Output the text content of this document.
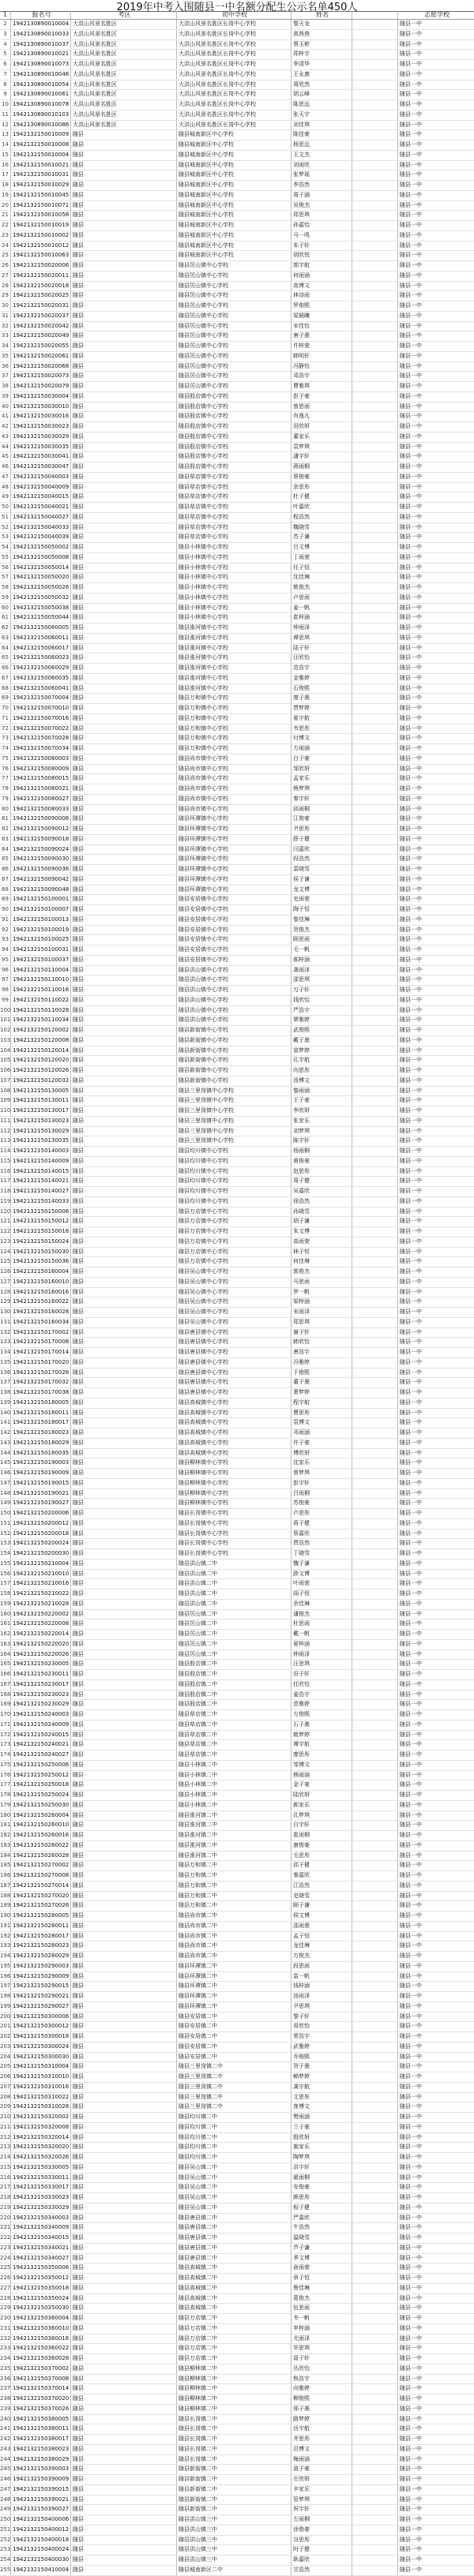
2019年中考入围随县一中名额分配生公示名单450人
1	报名号	考区	初中学校	姓名	志愿学校
2	1942130890010004 大洪山风景名胜区	大洪山风景名胜区长岗中心学校	黎天龙	随县一中
3	1942130890010033 大洪山风景名胜区	大洪山风景名胜区长岗中心学校	高茜茜	随县一中
4	1942130890010037 大洪山风景名胜区	大洪山风景名胜区长岗中心学校	蔡玉彬	随县一中
5	1942130890010021 大洪山风景名胜区	大洪山风景名胜区长岗中心学校	郑梓宇	随县一中
6	1942130890010073 大洪山风景名胜区	大洪山风景名胜区长岗中心学校	李清华	随县一中
7	1942130890010046 大洪山风景名胜区	大洪山风景名胜区长岗中心学校	王永康	随县一中
8	1942130890010054 大洪山风景名胜区	大洪山风景名胜区长岗中心学校	周欣然	随县一中
9	1942130890010061 大洪山风景名胜区	大洪山风景名胜区长岗中心学校	胡云峰	随县一中
10 1942130890010078 大洪山风景名胜区	大洪山风景名胜区长岗中心学校	陈思远	随县一中
11 1942130890010103 大洪山风景名胜区	大洪山风景名胜区长岗中心学校	张天宇	随县一中
12 1942130890010086 大洪山风景名胜区	大洪山风景名胜区长岗中心学校	刘佳琪	随县一中
13 1942132150010009 随县	随县城南新区中心学校	陈佳豪	随县一中
14 1942132150010008 随县	随县城南新区中心学校	杨思远	随县一中
15 1942132150010004 随县	随县城南新区中心学校	王文杰	随县一中
16 1942132150010021 随县	随县城南新区中心学校	刘雨欣	随县一中
17 1942132150010031 随县	随县城南新区中心学校	张梦瑶	随县一中
18 1942132150010029 随县	随县城南新区中心学校	李浩然	随县一中
19 1942132150010045 随县	随县城南新区中心学校	周子涵	随县一中
20 1942132150010071 随县	随县城南新区中心学校	吴俊杰	随县一中
21 1942132150010058 随县	随县城南新区中心学校	郑思琪	随县一中
22 1942132150010019 随县	随县城南新区中心学校	孙嘉怡	随县一中
23 1942132150010002 随县	随县城南新区中心学校	马一鸣	随县一中
24 1942132150010012 随县	随县城南新区中心学校	朱子轩	随县一中
25 1942132150010063 随县	随县城南新区中心学校	胡欣悦	随县一中
26 1942132150020006 随县	随县厉山镇中心学校	郭宇航	随县一中
27 1942132150020011 随县	随县厉山镇中心学校	何雨涵	随县一中
28 1942132150020018 随县	随县厉山镇中心学校	高博文	随县一中
29 1942132150020025 随县	随县厉山镇中心学校	林诗雨	随县一中
30 1942132150020031 随县	随县厉山镇中心学校	罗俊熙	随县一中
31 1942132150020037 随县	随县厉山镇中心学校	梁晨曦	随县一中
32 1942132150020042 随县	随县厉山镇中心学校	宋佳怡	随县一中
33 1942132150020049 随县	随县厉山镇中心学校	唐子墨	随县一中
34 1942132150020055 随县	随县厉山镇中心学校	许梓萱	随县一中
35 1942132150020061 随县	随县厉山镇中心学校	韩明轩	随县一中
36 1942132150020068 随县	随县厉山镇中心学校	冯静怡	随县一中
37 1942132150020073 随县	随县厉山镇中心学校	邓浩宇	随县一中
38 1942132150020079 随县	随县厉山镇中心学校	曹雅琪	随县一中
39 1942132150030004 随县	随县殷店镇中心学校	彭子豪	随县一中
40 1942132150030010 随县	随县殷店镇中心学校	曾思雨	随县一中
41 1942132150030016 随县	随县殷店镇中心学校	肖逸凡	随县一中
42 1942132150030023 随县	随县殷店镇中心学校	田欣妍	随县一中
43 1942132150030029 随县	随县殷店镇中心学校	董家乐	随县一中
44 1942132150030035 随县	随县殷店镇中心学校	袁梦琪	随县一中
45 1942132150030041 随县	随县殷店镇中心学校	潘宇轩	随县一中
46 1942132150030047 随县	随县殷店镇中心学校	蒋雨桐	随县一中
47 1942132150040003 随县	随县草店镇中心学校	蔡俊豪	随县一中
48 1942132150040009 随县	随县草店镇中心学校	余思彤	随县一中
49 1942132150040015 随县	随县草店镇中心学校	杜子健	随县一中
50 1942132150040021 随县	随县草店镇中心学校	叶嘉欣	随县一中
51 1942132150040027 随县	随县草店镇中心学校	程浩然	随县一中
52 1942132150040033 随县	随县草店镇中心学校	魏晓雪	随县一中
53 1942132150040039 随县	随县草店镇中心学校	苏子谦	随县一中
54 1942132150050002 随县	随县小林镇中心学校	吕文博	随县一中
55 1942132150050008 随县	随县小林镇中心学校	丁雨萱	随县一中
56 1942132150050014 随县	随县小林镇中心学校	任子恒	随县一中
57 1942132150050020 随县	随县小林镇中心学校	沈佳琳	随县一中
58 1942132150050026 随县	随县小林镇中心学校	姚俊杰	随县一中
59 1942132150050032 随县	随县小林镇中心学校	卢思雨	随县一中
60 1942132150050038 随县	随县小林镇中心学校	姜一帆	随县一中
61 1942132150050044 随县	随县小林镇中心学校	崔梓涵	随县一中
62 1942132150060005 随县	随县淮河镇中心学校	钟雨泽	随县一中
63 1942132150060011 随县	随县淮河镇中心学校	谭思琪	随县一中
64 1942132150060017 随县	随县淮河镇中心学校	陆子轩	随县一中
65 1942132150060023 随县	随县淮河镇中心学校	汪欣怡	随县一中
66 1942132150060029 随县	随县淮河镇中心学校	范浩宇	随县一中
67 1942132150060035 随县	随县淮河镇中心学校	金雅婷	随县一中
68 1942132150060041 随县	随县淮河镇中心学校	石俊熙	随县一中
69 1942132150070004 随县	随县万和镇中心学校	廖子墨	随县一中
70 1942132150070010 随县	随县万和镇中心学校	贾梦婷	随县一中
71 1942132150070016 随县	随县万和镇中心学校	夏宇航	随县一中
72 1942132150070022 随县	随县万和镇中心学校	韦思彤	随县一中
73 1942132150070028 随县	随县万和镇中心学校	付博文	随县一中
74 1942132150070034 随县	随县万和镇中心学校	方雨涵	随县一中
75 1942132150080003 随县	随县尚市镇中心学校	白子豪	随县一中
76 1942132150080009 随县	随县尚市镇中心学校	邹欣妍	随县一中
77 1942132150080015 随县	随县尚市镇中心学校	孟家乐	随县一中
78 1942132150080021 随县	随县尚市镇中心学校	熊梦琪	随县一中
79 1942132150080027 随县	随县尚市镇中心学校	秦宇轩	随县一中
80 1942132150080033 随县	随县尚市镇中心学校	邱雨桐	随县一中
81 1942132150090006 随县	随县环潭镇中心学校	江俊豪	随县一中
82 1942132150090012 随县	随县环潭镇中心学校	尹思彤	随县一中
83 1942132150090018 随县	随县环潭镇中心学校	薛子健	随县一中
84 1942132150090024 随县	随县环潭镇中心学校	闫嘉欣	随县一中
85 1942132150090030 随县	随县环潭镇中心学校	段浩然	随县一中
86 1942132150090036 随县	随县环潭镇中心学校	雷晓雪	随县一中
87 1942132150090042 随县	随县环潭镇中心学校	侯子谦	随县一中
88 1942132150090048 随县	随县环潭镇中心学校	龙文博	随县一中
89 1942132150100001 随县	随县安居镇中心学校	史雨萱	随县一中
90 1942132150100007 随县	随县安居镇中心学校	陶子恒	随县一中
91 1942132150100013 随县	随县安居镇中心学校	黎佳琳	随县一中
92 1942132150100019 随县	随县安居镇中心学校	贺俊杰	随县一中
93 1942132150100025 随县	随县安居镇中心学校	顾思雨	随县一中
94 1942132150100031 随县	随县安居镇中心学校	毛一帆	随县一中
95 1942132150100037 随县	随县安居镇中心学校	郝梓涵	随县一中
96 1942132150110004 随县	随县洪山镇中心学校	龚雨泽	随县一中
97 1942132150110010 随县	随县洪山镇中心学校	邵思琪	随县一中
98 1942132150110016 随县	随县洪山镇中心学校	万子轩	随县一中
99 1942132150110022 随县	随县洪山镇中心学校	钱欣怡	随县一中
100 1942132150110028 随县	随县洪山镇中心学校	严浩宇	随县一中
101 1942132150110034 随县	随县洪山镇中心学校	覃雅婷	随县一中
102 1942132150120002 随县	随县新街镇中心学校	武俊熙	随县一中
103 1942132150120008 随县	随县新街镇中心学校	戴子墨	随县一中
104 1942132150120014 随县	随县新街镇中心学校	莫梦婷	随县一中
105 1942132150120020 随县	随县新街镇中心学校	孔宇航	随县一中
106 1942132150120026 随县	随县新街镇中心学校	向思彤	随县一中
107 1942132150120032 随县	随县新街镇中心学校	汤博文	随县一中
108 1942132150130005 随县	随县三里岗镇中心学校	黎雨涵	随县一中
109 1942132150130011 随县	随县三里岗镇中心学校	王子豪	随县一中
110 1942132150130017 随县	随县三里岗镇中心学校	李欣妍	随县一中
111 1942132150130023 随县	随县三里岗镇中心学校	张家乐	随县一中
112 1942132150130029 随县	随县三里岗镇中心学校	刘梦琪	随县一中
113 1942132150130035 随县	随县三里岗镇中心学校	陈宇轩	随县一中
114 1942132150140003 随县	随县均川镇中心学校	杨雨桐	随县一中
115 1942132150140009 随县	随县均川镇中心学校	黄俊豪	随县一中
116 1942132150140015 随县	随县均川镇中心学校	赵思彤	随县一中
117 1942132150140021 随县	随县均川镇中心学校	周子健	随县一中
118 1942132150140027 随县	随县均川镇中心学校	吴嘉欣	随县一中
119 1942132150140033 随县	随县均川镇中心学校	徐浩然	随县一中
120 1942132150150006 随县	随县万店镇中心学校	孙晓雪	随县一中
121 1942132150150012 随县	随县万店镇中心学校	胡子谦	随县一中
122 1942132150150018 随县	随县万店镇中心学校	朱文博	随县一中
123 1942132150150024 随县	随县万店镇中心学校	高雨萱	随县一中
124 1942132150150030 随县	随县万店镇中心学校	林子恒	随县一中
125 1942132150150036 随县	随县万店镇中心学校	何佳琳	随县一中
126 1942132150160004 随县	随县吴山镇中心学校	郭俊杰	随县一中
127 1942132150160010 随县	随县吴山镇中心学校	马思雨	随县一中
128 1942132150160016 随县	随县吴山镇中心学校	罗一帆	随县一中
129 1942132150160022 随县	随县吴山镇中心学校	梁梓涵	随县一中
130 1942132150160028 随县	随县吴山镇中心学校	宋雨泽	随县一中
131 1942132150160034 随县	随县吴山镇中心学校	郑思琪	随县一中
132 1942132150170002 随县	随县唐县镇中心学校	谢子轩	随县一中
133 1942132150170008 随县	随县唐县镇中心学校	韩欣怡	随县一中
134 1942132150170014 随县	随县唐县镇中心学校	唐浩宇	随县一中
135 1942132150170020 随县	随县唐县镇中心学校	冯雅婷	随县一中
136 1942132150170026 随县	随县唐县镇中心学校	于俊熙	随县一中
137 1942132150170032 随县	随县唐县镇中心学校	董子墨	随县一中
138 1942132150170038 随县	随县唐县镇中心学校	萧梦婷	随县一中
139 1942132150180005 随县	随县高城镇中心学校	程宇航	随县一中
140 1942132150180011 随县	随县高城镇中心学校	曹思彤	随县一中
141 1942132150180017 随县	随县高城镇中心学校	袁博文	随县一中
142 1942132150180023 随县	随县高城镇中心学校	邓雨涵	随县一中
143 1942132150180029 随县	随县高城镇中心学校	许子豪	随县一中
144 1942132150180035 随县	随县高城镇中心学校	傅欣妍	随县一中
145 1942132150190003 随县	随县柳林镇中心学校	沈家乐	随县一中
146 1942132150190009 随县	随县柳林镇中心学校	曾梦琪	随县一中
147 1942132150190015 随县	随县柳林镇中心学校	彭宇轩	随县一中
148 1942132150190021 随县	随县柳林镇中心学校	吕雨桐	随县一中
149 1942132150190027 随县	随县柳林镇中心学校	苏俊豪	随县一中
150 1942132150200006 随县	随县长岗镇中心学校	卢思彤	随县一中
151 1942132150200012 随县	随县长岗镇中心学校	蒋子健	随县一中
152 1942132150200018 随县	随县长岗镇中心学校	蔡嘉欣	随县一中
153 1942132150200024 随县	随县长岗镇中心学校	贾浩然	随县一中
154 1942132150200030 随县	随县长岗镇中心学校	丁晓雪	随县一中
155 1942132150210004 随县	随县洪山镇二中	魏子谦	随县一中
156 1942132150210010 随县	随县洪山镇二中	薛文博	随县一中
157 1942132150210016 随县	随县洪山镇二中	叶雨萱	随县一中
158 1942132150210022 随县	随县洪山镇二中	阎子恒	随县一中
159 1942132150210028 随县	随县洪山镇二中	余佳琳	随县一中
160 1942132150220002 随县	随县厉山镇二中	潘俊杰	随县一中
161 1942132150220008 随县	随县厉山镇二中	杜思雨	随县一中
162 1942132150220014 随县	随县厉山镇二中	戴一帆	随县一中
163 1942132150220020 随县	随县厉山镇二中	夏梓涵	随县一中
164 1942132150220026 随县	随县厉山镇二中	钟雨泽	随县一中
165 1942132150230005 随县	随县殷店镇二中	汪思琪	随县一中
166 1942132150230011 随县	随县殷店镇二中	田子轩	随县一中
167 1942132150230017 随县	随县殷店镇二中	任欣怡	随县一中
168 1942132150230023 随县	随县殷店镇二中	姜浩宇	随县一中
169 1942132150230029 随县	随县殷店镇二中	范雅婷	随县一中
170 1942132150240003 随县	随县草店镇二中	方俊熙	随县一中
171 1942132150240009 随县	随县草店镇二中	石子墨	随县一中
172 1942132150240015 随县	随县草店镇二中	姚梦婷	随县一中
173 1942132150240021 随县	随县草店镇二中	谭宇航	随县一中
174 1942132150240027 随县	随县草店镇二中	廖思彤	随县一中
175 1942132150250006 随县	随县小林镇二中	邹博文	随县一中
176 1942132150250012 随县	随县小林镇二中	熊雨涵	随县一中
177 1942132150250018 随县	随县小林镇二中	金子豪	随县一中
178 1942132150250024 随县	随县小林镇二中	陆欣妍	随县一中
179 1942132150250030 随县	随县小林镇二中	郝家乐	随县一中
180 1942132150260004 随县	随县淮河镇二中	孔梦琪	随县一中
181 1942132150260010 随县	随县淮河镇二中	白宇轩	随县一中
182 1942132150260016 随县	随县淮河镇二中	崔雨桐	随县一中
183 1942132150260022 随县	随县淮河镇二中	康俊豪	随县一中
184 1942132150260028 随县	随县淮河镇二中	毛思彤	随县一中
185 1942132150270002 随县	随县万和镇二中	邱子健	随县一中
186 1942132150270008 随县	随县万和镇二中	秦嘉欣	随县一中
187 1942132150270014 随县	随县万和镇二中	江浩然	随县一中
188 1942132150270020 随县	随县万和镇二中	史晓雪	随县一中
189 1942132150270026 随县	随县万和镇二中	顾子谦	随县一中
190 1942132150280005 随县	随县尚市镇二中	侯文博	随县一中
191 1942132150280011 随县	随县尚市镇二中	邵雨萱	随县一中
192 1942132150280017 随县	随县尚市镇二中	孟子恒	随县一中
193 1942132150280023 随县	随县尚市镇二中	龙佳琳	随县一中
194 1942132150280029 随县	随县尚市镇二中	万俊杰	随县一中
195 1942132150290003 随县	随县环潭镇二中	段思雨	随县一中
196 1942132150290009 随县	随县环潭镇二中	雷一帆	随县一中
197 1942132150290015 随县	随县环潭镇二中	钱梓涵	随县一中
198 1942132150290021 随县	随县环潭镇二中	汤雨泽	随县一中
199 1942132150290027 随县	随县环潭镇二中	尹思琪	随县一中
200 1942132150300006 随县	随县安居镇二中	黎子轩	随县一中
201 1942132150300012 随县	随县安居镇二中	易欣怡	随县一中
202 1942132150300018 随县	随县安居镇二中	常浩宇	随县一中
203 1942132150300024 随县	随县安居镇二中	武雅婷	随县一中
204 1942132150300030 随县	随县安居镇二中	乔俊熙	随县一中
205 1942132150310004 随县	随县三里岗镇二中	贺子墨	随县一中
206 1942132150310010 随县	随县三里岗镇二中	赖梦婷	随县一中
207 1942132150310016 随县	随县三里岗镇二中	龚宇航	随县一中
208 1942132150310022 随县	随县三里岗镇二中	文思彤	随县一中
209 1942132150310028 随县	随县三里岗镇二中	庞博文	随县一中
210 1942132150320002 随县	随县均川镇二中	樊雨涵	随县一中
211 1942132150320008 随县	随县均川镇二中	兰子豪	随县一中
212 1942132150320014 随县	随县均川镇二中	殷欣妍	随县一中
213 1942132150320020 随县	随县均川镇二中	施家乐	随县一中
214 1942132150320026 随县	随县均川镇二中	陶梦琪	随县一中
215 1942132150330005 随县	随县吴山镇二中	洪宇轩	随县一中
216 1942132150330011 随县	随县吴山镇二中	翟雨桐	随县一中
217 1942132150330017 随县	随县吴山镇二中	安俊豪	随县一中
218 1942132150330023 随县	随县吴山镇二中	颜思彤	随县一中
219 1942132150330029 随县	随县吴山镇二中	倪子健	随县一中
220 1942132150340003 随县	随县唐县镇二中	严嘉欣	随县一中
221 1942132150340009 随县	随县唐县镇二中	牛浩然	随县一中
222 1942132150340015 随县	随县唐县镇二中	温晓雪	随县一中
223 1942132150340021 随县	随县唐县镇二中	芦子谦	随县一中
224 1942132150340027 随县	随县唐县镇二中	季文博	随县一中
225 1942132150350006 随县	随县高城镇二中	俞雨萱	随县一中
226 1942132150350012 随县	随县高城镇二中	章子恒	随县一中
227 1942132150350018 随县	随县高城镇二中	鲁佳琳	随县一中
228 1942132150350024 随县	随县高城镇二中	葛俊杰	随县一中
229 1942132150350030 随县	随县高城镇二中	伍思雨	随县一中
230 1942132150360004 随县	随县万店镇二中	韦一帆	随县一中
231 1942132150360010 随县	随县万店镇二中	申梓涵	随县一中
232 1942132150360016 随县	随县万店镇二中	尤雨泽	随县一中
233 1942132150360022 随县	随县万店镇二中	毕思琪	随县一中
234 1942132150360028 随县	随县万店镇二中	聂子轩	随县一中
235 1942132150370002 随县	随县柳林镇二中	丛欣怡	随县一中
236 1942132150370008 随县	随县柳林镇二中	焦浩宇	随县一中
237 1942132150370014 随县	随县柳林镇二中	向雅婷	随县一中
238 1942132150370020 随县	随县柳林镇二中	柳俊熙	随县一中
239 1942132150370026 随县	随县柳林镇二中	邢子墨	随县一中
240 1942132150380005 随县	随县长岗镇二中	路梦婷	随县一中
241 1942132150380011 随县	随县长岗镇二中	岳宇航	随县一中
242 1942132150380017 随县	随县长岗镇二中	齐思彤	随县一中
243 1942132150380023 随县	随县长岗镇二中	沿博文	随县一中
244 1942132150380029 随县	随县长岗镇二中	梅雨涵	随县一中
245 1942132150390003 随县	随县新街镇二中	莫子豪	随县一中
246 1942132150390009 随县	随县新街镇二中	庄欣妍	随县一中
247 1942132150390015 随县	随县新街镇二中	辛家乐	随县一中
248 1942132150390021 随县	随县新街镇二中	管梦琪	随县一中
249 1942132150390027 随县	随县新街镇二中	祝宇轩	随县一中
250 1942132150400006 随县	随县洪山镇三中	左雨桐	随县一中
251 1942132150400012 随县	随县洪山镇三中	涂俊豪	随县一中
252 1942132150400018 随县	随县洪山镇三中	谷思彤	随县一中
253 1942132150400024 随县	随县洪山镇三中	时子健	随县一中
254 1942132150400030 随县	随县洪山镇三中	耿嘉欣	随县一中
255 1942132150410004 随县	随县城南新区二中	甘浩然	随县一中
